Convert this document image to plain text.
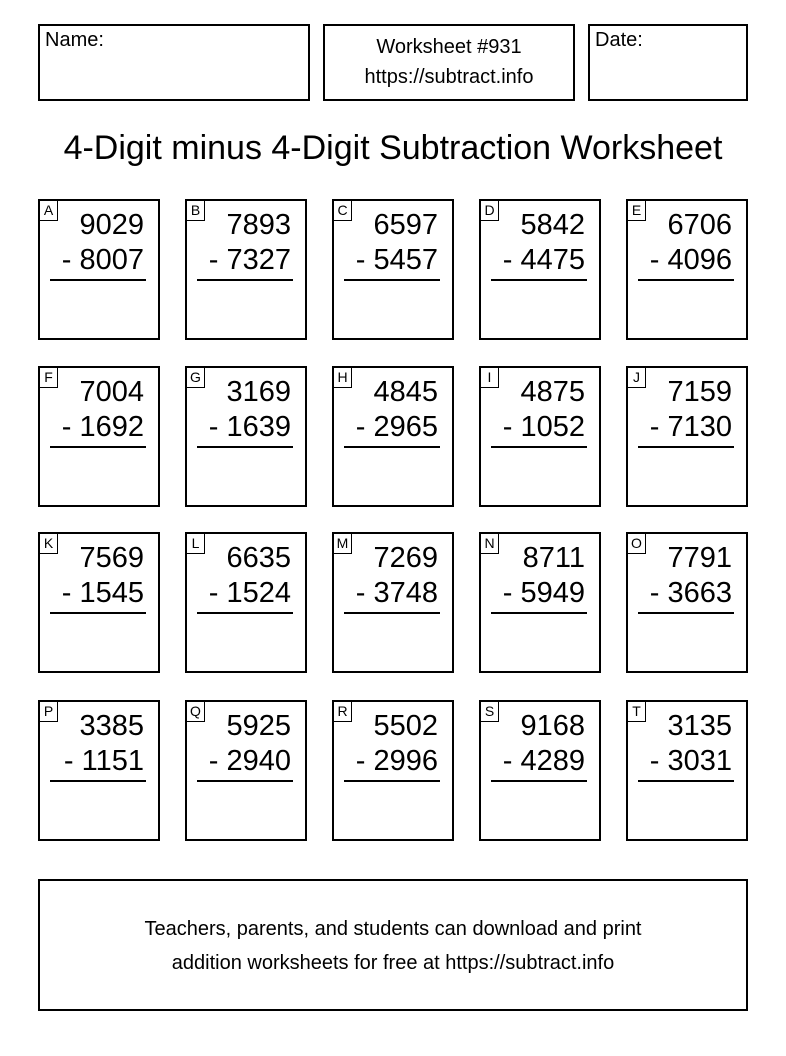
Name:	Worksheet #931
https://subtract.info
Date:
4-Digit minus 4-Digit Subtraction Worksheet
A 9029
- 8007
B 7893
- 7327
C 6597
- 5457
D 5842
- 4475
E 6706
- 4096
F 7004
- 1692
G 3169
- 1639
H 4845
- 2965
I 4875
- 1052
J 7159
- 7130
K 7569
- 1545
L 6635
- 1524
M 7269
- 3748
N 8711
- 5949
O 7791
- 3663
P 3385
- 1151
Q 5925
- 2940
R 5502
- 2996
S 9168
- 4289
T 3135
- 3031
Teachers, parents, and students can download and print
addition worksheets for free at https://subtract.info
